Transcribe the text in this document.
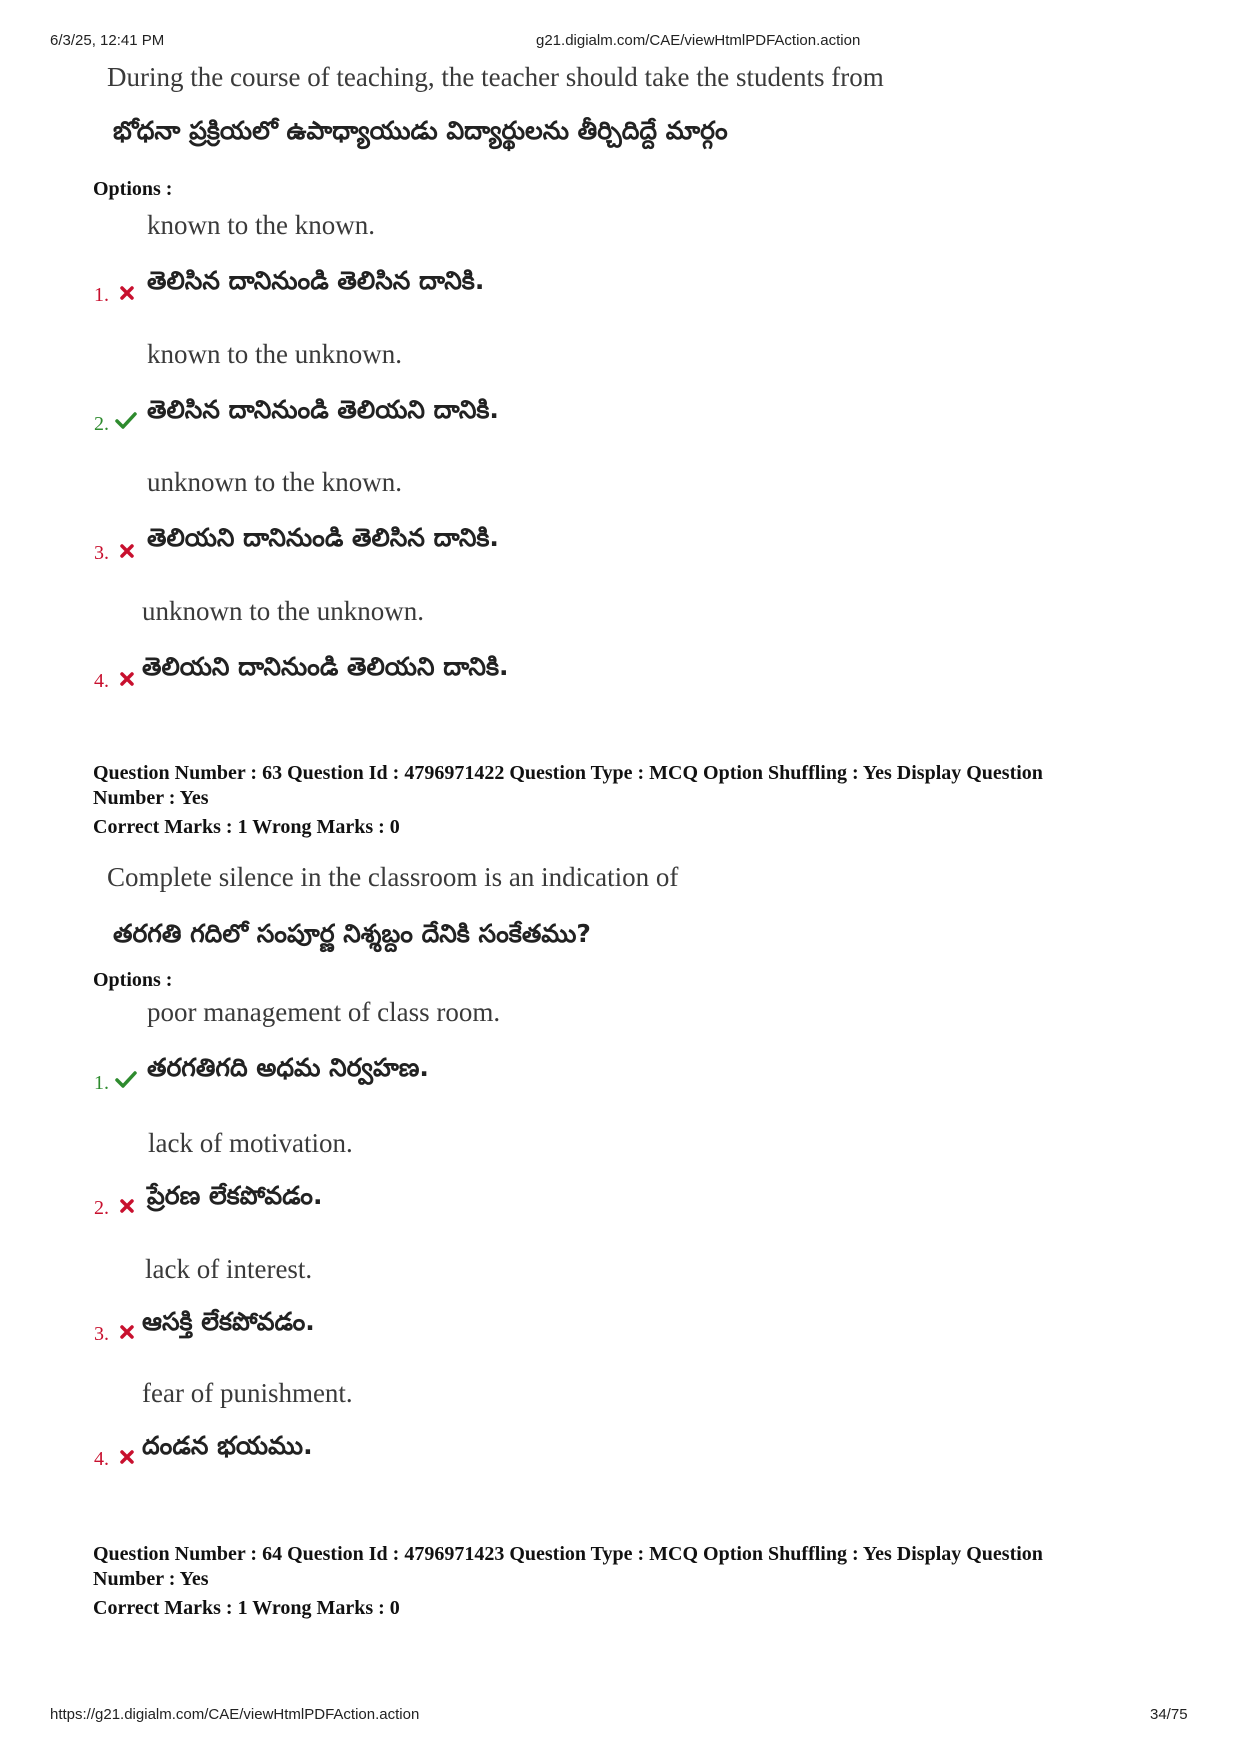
6/3/25, 12:41 PM	g21.digialm.com/CAE/viewHtmlPDFAction.action
During the course of teaching, the teacher should take the students from
భోధనా ప్రక్రియలో ఉపాధ్యాయుడు విద్యార్థులను తీర్చిదిద్దే మార్గం
Options :
known to the known.
1. తెలిసిన దానినుండి తెలిసిన దానికి.
known to the unknown.
2. తెలిసిన దానినుండి తెలియని దానికి.
unknown to the known.
3.
తెలియని దానినుండి తెలిసిన దానికి.
unknown to the unknown.
4. తెలియని దానినుండి తెలియని దానికి.
Question Number : 63 Question Id : 4796971422 Question Type : MCQ Option Shuffling : Yes Display Question
Number : Yes
Correct Marks : 1 Wrong Marks : 0
Complete silence in the classroom is an indication of
తరగతి గదిలో సంపూర్ణ నిశ్శబ్దం దేనికి సంకేతము?
Options :
poor management of class room.
1.
తరగతిగది అధమ నిర్వహణ.
lack of motivation.
2. ప్రేరణ లేకపోవడం.
lack of interest.
3. ఆసక్తి లేకపోవడం.
fear of punishment.
4. దండన భయము.
Question Number : 64 Question Id : 4796971423 Question Type : MCQ Option Shuffling : Yes Display Question
Number : Yes
Correct Marks : 1 Wrong Marks : 0
https://g21.digialm.com/CAE/viewHtmlPDFAction.action	34/75
